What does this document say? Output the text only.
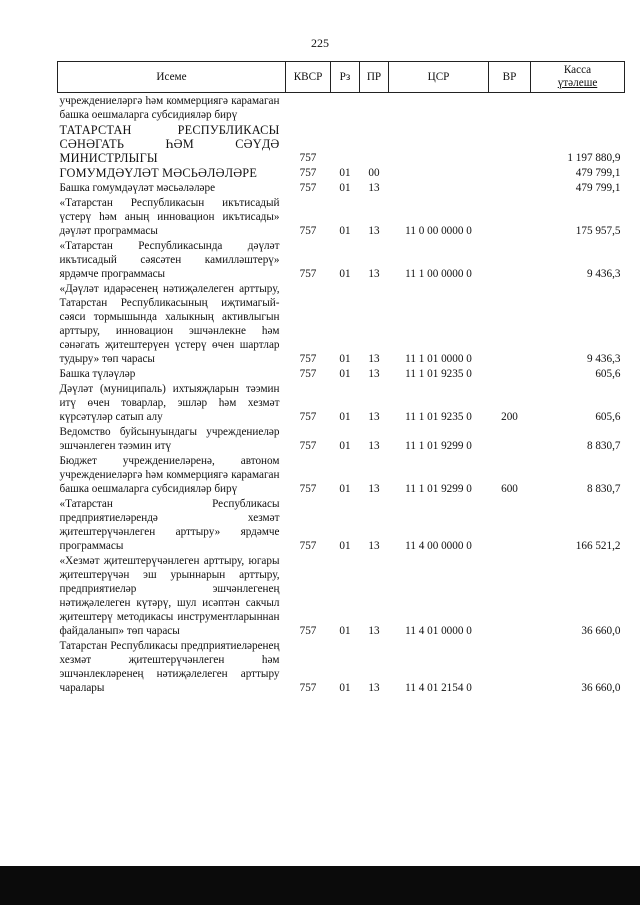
225
Исеме	КВСР	Рз	ПР	ЦСР	ВР	Касса
үтәлеше

учреждениеләргә һәм коммерциягә карамаган башка оешмаларга субсидияләр бирү						
ТАТАРСТАН РЕСПУБЛИКАСЫ СӘНӘГАТЬ ҺӘМ СӘҮДӘ МИНИСТРЛЫГЫ	757					1 197 880,9
ГОМУМДӘҮЛӘТ МӘСЬӘЛӘЛӘРЕ	757	01	00			479 799,1
Башка гомумдәүләт мәсьәләләре	757	01	13			479 799,1
«Татарстан Республикасын икътисадый үстерү һәм аның инновацион икътисады» дәүләт программасы	757	01	13	11 0 00 0000 0		175 957,5
«Татарстан Республикасында дәүләт икътисадый сәясәтен камилләштерү» ярдәмче программасы	757	01	13	11 1 00 0000 0		9 436,3
«Дәүләт идарәсенең нәтиҗәлелеген арттыру, Татарстан Республикасының иҗтимагый-сәяси тормышында халыкның активлыгын арттыру, инновацион эшчәнлекне һәм сәнәгать җитештерүен үстерү өчен шартлар тудыру» төп чарасы	757	01	13	11 1 01 0000 0		9 436,3
Башка түләүләр	757	01	13	11 1 01 9235 0		605,6
Дәүләт (муниципаль) ихтыяҗларын тәэмин итү өчен товарлар, эшләр һәм хезмәт күрсәтүләр сатып алу	757	01	13	11 1 01 9235 0	200	605,6
Ведомство буйсынуындагы учреждениеләр эшчәнлеген тәэмин итү	757	01	13	11 1 01 9299 0		8 830,7
Бюджет учреждениеләренә, автоном учреждениеләргә һәм коммерциягә карамаган башка оешмаларга субсидияләр бирү	757	01	13	11 1 01 9299 0	600	8 830,7
«Татарстан Республикасы предприятиеләрендә хезмәт җитештерүчәнлеген арттыру» ярдәмче программасы	757	01	13	11 4 00 0000 0		166 521,2
«Хезмәт җитештерүчәнлеген арттыру, югары җитештерүчән эш урыннарын арттыру, предприятиеләр эшчәнлегенең нәтиҗәлелеген күтәрү, шул исәптән сакчыл җитештерү методикасы инструментларыннан файдаланып» төп чарасы	757	01	13	11 4 01 0000 0		36 660,0
Татарстан Республикасы предприятиеләренең хезмәт җитештерүчәнлеген һәм эшчәнлекләренең нәтиҗәлелеген арттыру чаралары	757	01	13	11 4 01 2154 0		36 660,0
